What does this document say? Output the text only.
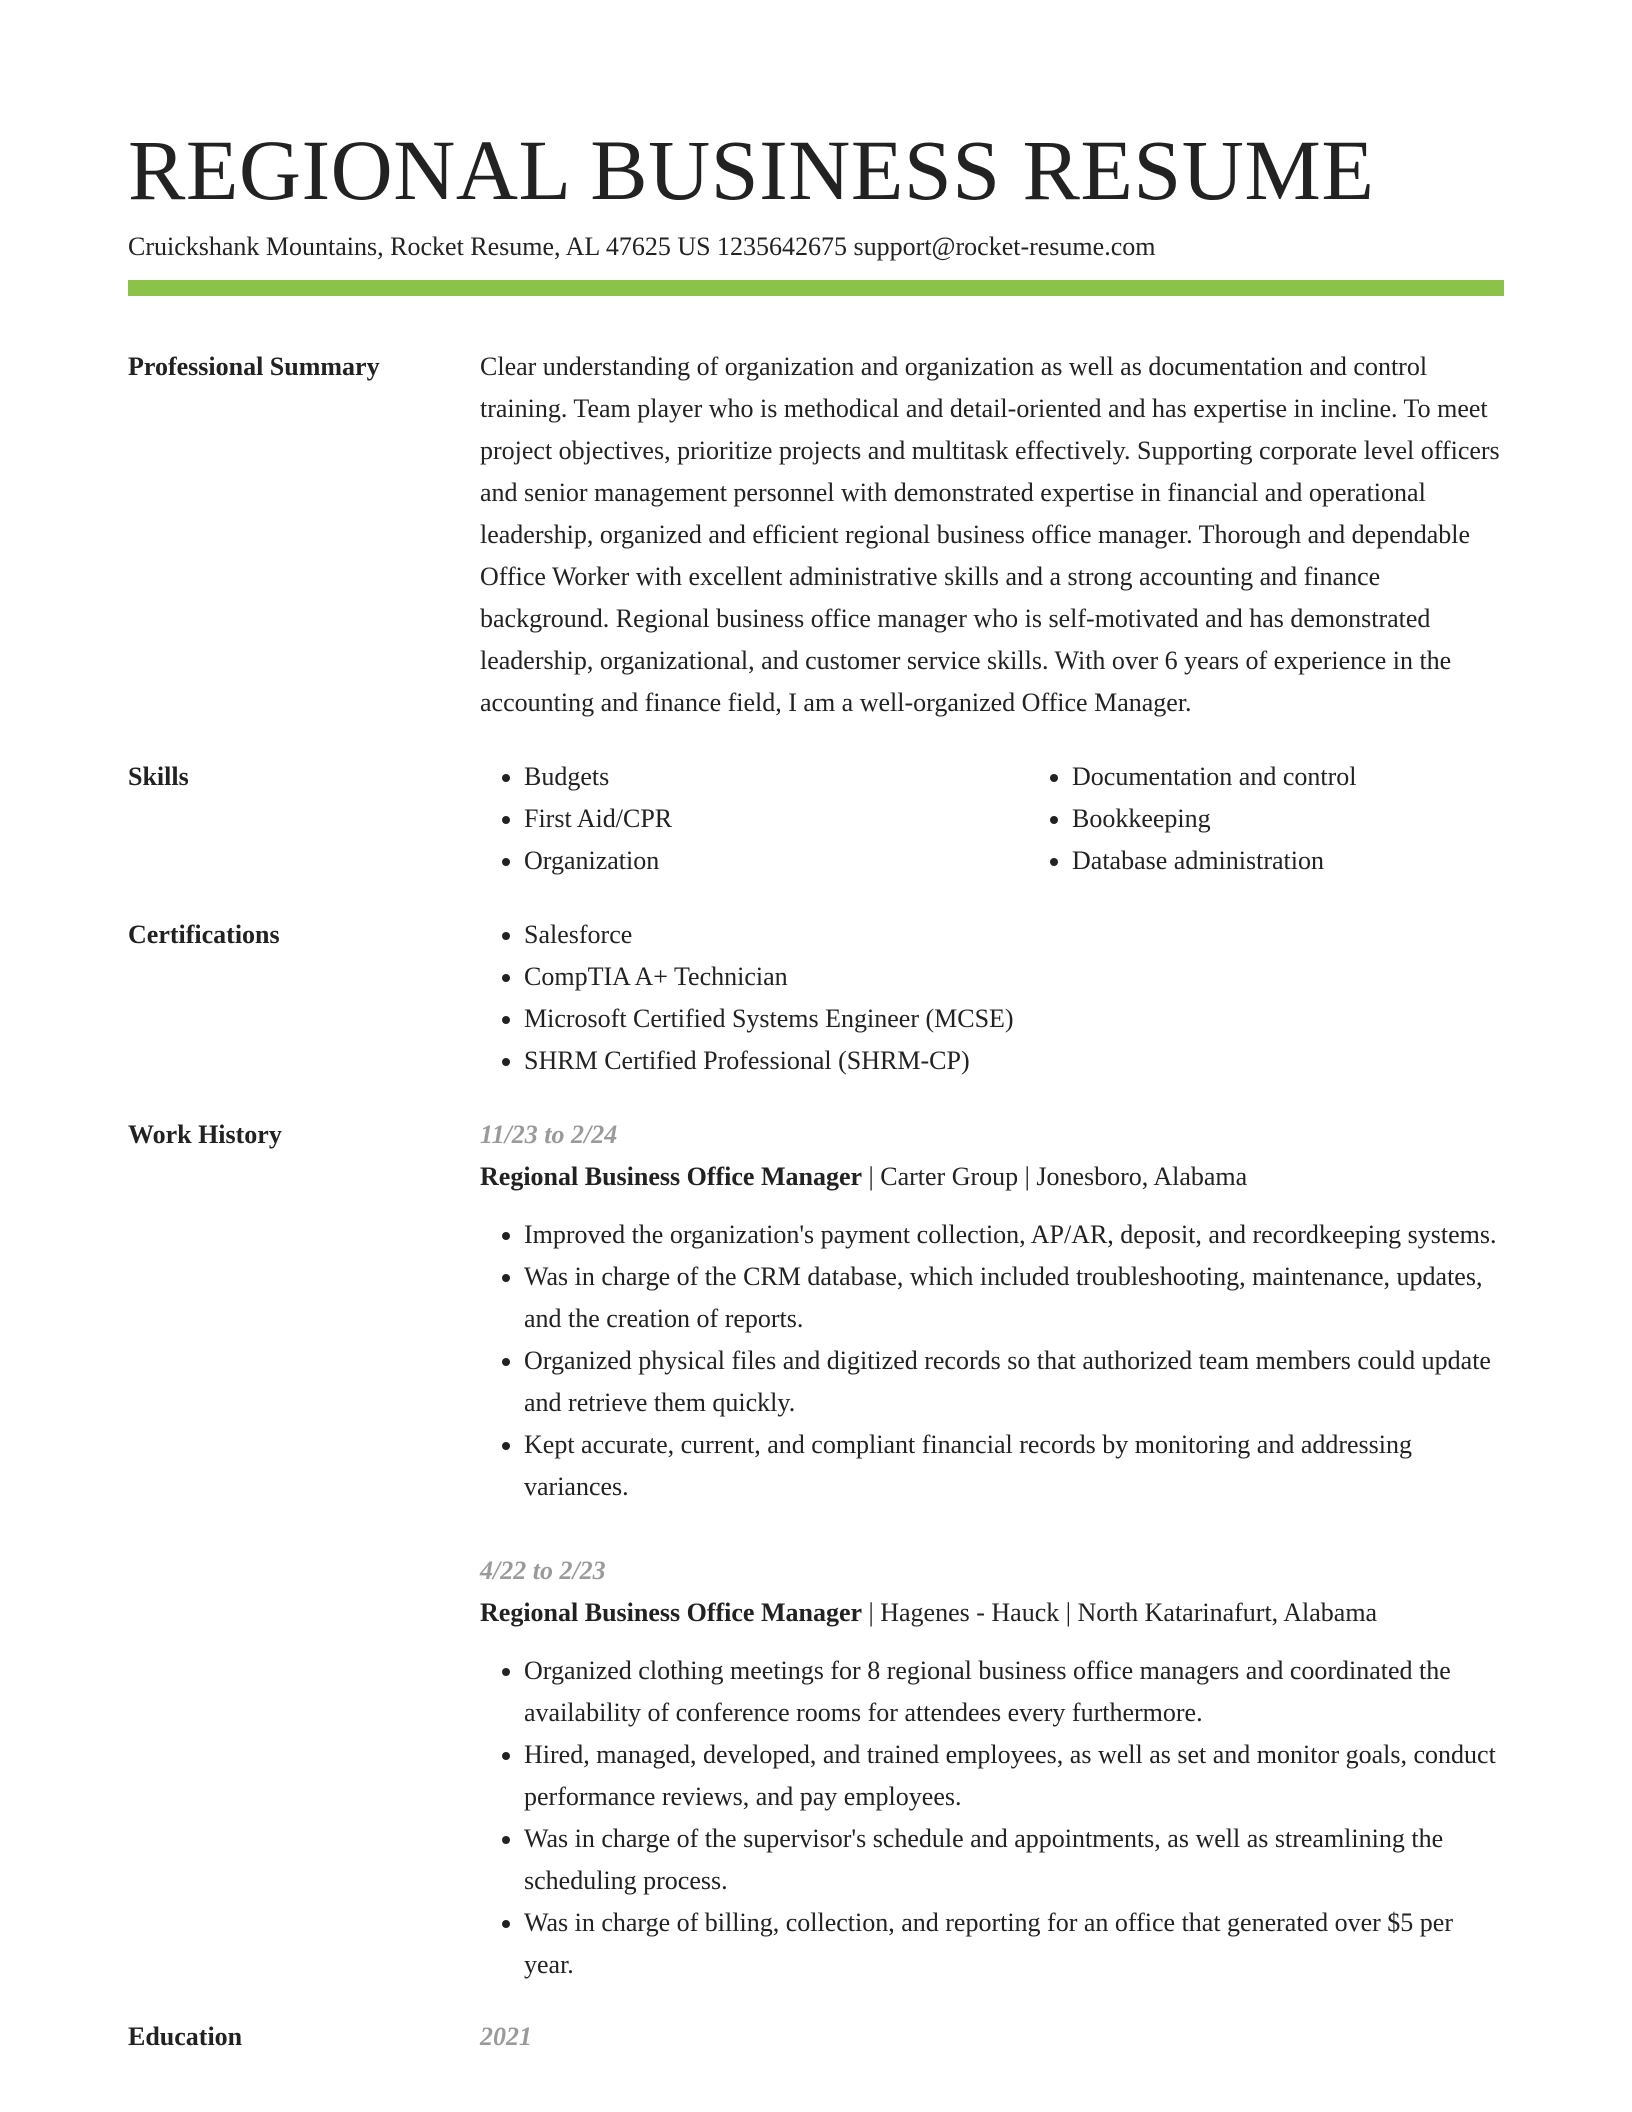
REGIONAL BUSINESS RESUME
Cruickshank Mountains, Rocket Resume, AL 47625 US 1235642675 support@rocket-resume.com
Professional Summary	Clear understanding of organization and organization as well as documentation and control training. Team player who is methodical and detail-oriented and has expertise in incline. To meet project objectives, prioritize projects and multitask effectively. Supporting corporate level officers and senior management personnel with demonstrated expertise in financial and operational leadership, organized and efficient regional business office manager. Thorough and dependable Office Worker with excellent administrative skills and a strong accounting and finance background. Regional business office manager who is self-motivated and has demonstrated leadership, organizational, and customer service skills. With over 6 years of experience in the accounting and finance field, I am a well-organized Office Manager.
Skills	• Budgets
• First Aid/CPR
• Organization
• Documentation and control
• Bookkeeping
• Database administration
Certifications	• Salesforce
• CompTIA A+ Technician
• Microsoft Certified Systems Engineer (MCSE)
• SHRM Certified Professional (SHRM-CP)
Work History	11/23 to 2/24
Regional Business Office Manager | Carter Group | Jonesboro, Alabama
• Improved the organization's payment collection, AP/AR, deposit, and recordkeeping systems.
• Was in charge of the CRM database, which included troubleshooting, maintenance, updates, and the creation of reports.
• Organized physical files and digitized records so that authorized team members could update and retrieve them quickly.
• Kept accurate, current, and compliant financial records by monitoring and addressing variances.
4/22 to 2/23
Regional Business Office Manager | Hagenes - Hauck | North Katarinafurt, Alabama
• Organized clothing meetings for 8 regional business office managers and coordinated the availability of conference rooms for attendees every furthermore.
• Hired, managed, developed, and trained employees, as well as set and monitor goals, conduct performance reviews, and pay employees.
• Was in charge of the supervisor's schedule and appointments, as well as streamlining the scheduling process.
• Was in charge of billing, collection, and reporting for an office that generated over $5 per year.
Education	2021
